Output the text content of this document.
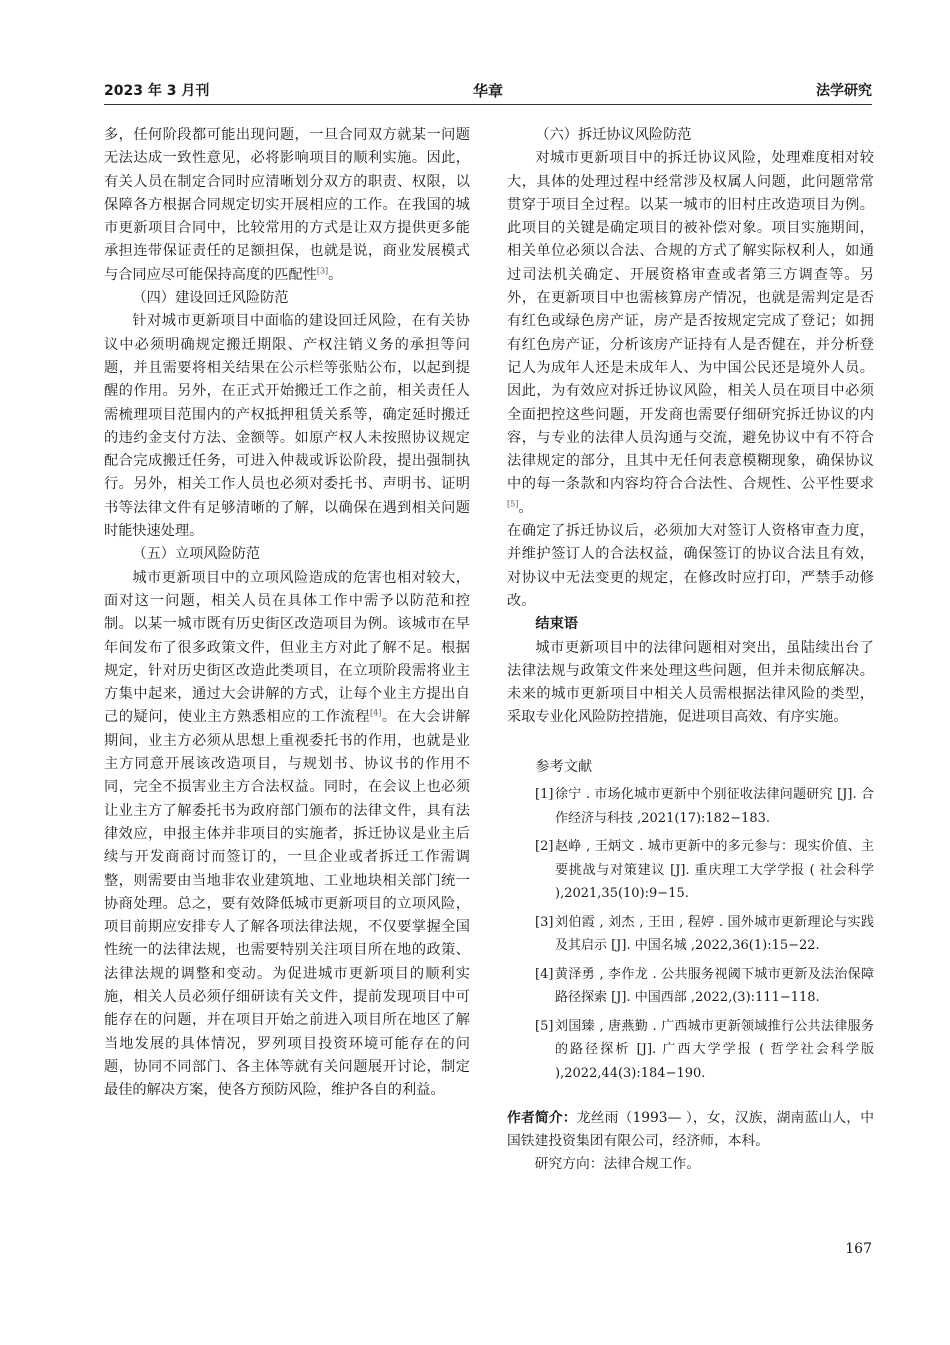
2023 年 3 月刊	华章	法学研究

多，任何阶段都可能出现问题，一旦合同双方就某一问题无法达成一致性意见，必将影响项目的顺利实施。因此，有关人员在制定合同时应清晰划分双方的职责、权限，以保障各方根据合同规定切实开展相应的工作。在我国的城市更新项目合同中，比较常用的方式是让双方提供更多能承担连带保证责任的足额担保，也就是说，商业发展模式与合同应尽可能保持高度的匹配性[3]。

（四）建设回迁风险防范

针对城市更新项目中面临的建设回迁风险，在有关协议中必须明确规定搬迁期限、产权注销义务的承担等问题，并且需要将相关结果在公示栏等张贴公布，以起到提醒的作用。另外，在正式开始搬迁工作之前，相关责任人需梳理项目范围内的产权抵押租赁关系等，确定延时搬迁的违约金支付方法、金额等。如原产权人未按照协议规定配合完成搬迁任务，可进入仲裁或诉讼阶段，提出强制执行。另外，相关工作人员也必须对委托书、声明书、证明书等法律文件有足够清晰的了解，以确保在遇到相关问题时能快速处理。

（五）立项风险防范

城市更新项目中的立项风险造成的危害也相对较大，面对这一问题，相关人员在具体工作中需予以防范和控制。以某一城市既有历史街区改造项目为例。该城市在早年间发布了很多政策文件，但业主方对此了解不足。根据规定，针对历史街区改造此类项目，在立项阶段需将业主方集中起来，通过大会讲解的方式，让每个业主方提出自己的疑问，使业主方熟悉相应的工作流程[4]。在大会讲解期间，业主方必须从思想上重视委托书的作用，也就是业主方同意开展该改造项目，与规划书、协议书的作用不同，完全不损害业主方合法权益。同时，在会议上也必须让业主方了解委托书为政府部门颁布的法律文件，具有法律效应，申报主体并非项目的实施者，拆迁协议是业主后续与开发商商讨而签订的，一旦企业或者拆迁工作需调整，则需要由当地非农业建筑地、工业地块相关部门统一协商处理。总之，要有效降低城市更新项目的立项风险，项目前期应安排专人了解各项法律法规，不仅要掌握全国性统一的法律法规，也需要特别关注项目所在地的政策、法律法规的调整和变动。为促进城市更新项目的顺利实施，相关人员必须仔细研读有关文件，提前发现项目中可能存在的问题，并在项目开始之前进入项目所在地区了解当地发展的具体情况，罗列项目投资环境可能存在的问题，协同不同部门、各主体等就有关问题展开讨论，制定最佳的解决方案，使各方预防风险，维护各自的利益。

（六）拆迁协议风险防范

对城市更新项目中的拆迁协议风险，处理难度相对较大，具体的处理过程中经常涉及权属人问题，此问题常常贯穿于项目全过程。以某一城市的旧村庄改造项目为例。此项目的关键是确定项目的被补偿对象。项目实施期间，相关单位必须以合法、合规的方式了解实际权利人，如通过司法机关确定、开展资格审查或者第三方调查等。另外，在更新项目中也需核算房产情况，也就是需判定是否有红色或绿色房产证，房产是否按规定完成了登记；如拥有红色房产证，分析该房产证持有人是否健在，并分析登记人为成年人还是未成年人、为中国公民还是境外人员。因此，为有效应对拆迁协议风险，相关人员在项目中必须全面把控这些问题，开发商也需要仔细研究拆迁协议的内容，与专业的法律人员沟通与交流，避免协议中有不符合法律规定的部分，且其中无任何表意模糊现象，确保协议中的每一条款和内容均符合合法性、合规性、公平性要求[5]。

在确定了拆迁协议后，必须加大对签订人资格审查力度，并维护签订人的合法权益，确保签订的协议合法且有效，对协议中无法变更的规定，在修改时应打印，严禁手动修改。

结束语

城市更新项目中的法律问题相对突出，虽陆续出台了法律法规与政策文件来处理这些问题，但并未彻底解决。未来的城市更新项目中相关人员需根据法律风险的类型，采取专业化风险防控措施，促进项目高效、有序实施。

参考文献
[1] 徐宁 . 市场化城市更新中个别征收法律问题研究 [J]. 合作经济与科技 ,2021(17):182−183.
[2] 赵峥 , 王炳文 . 城市更新中的多元参与：现实价值、主要挑战与对策建议 [J]. 重庆理工大学学报 ( 社会科学 ),2021,35(10):9−15.
[3] 刘伯霞 , 刘杰 , 王田 , 程婷 . 国外城市更新理论与实践及其启示 [J]. 中国名城 ,2022,36(1):15−22.
[4] 黄泽勇 , 李作龙 . 公共服务视阈下城市更新及法治保障路径探索 [J]. 中国西部 ,2022,(3):111−118.
[5] 刘国臻 , 唐燕勤 . 广西城市更新领域推行公共法律服务的路径探析 [J]. 广西大学学报 ( 哲学社会科学版 ),2022,44(3):184−190.
作者简介：龙丝雨（1993— ），女，汉族，湖南蓝山人，中国铁建投资集团有限公司，经济师，本科。
研究方向：法律合规工作。
167
